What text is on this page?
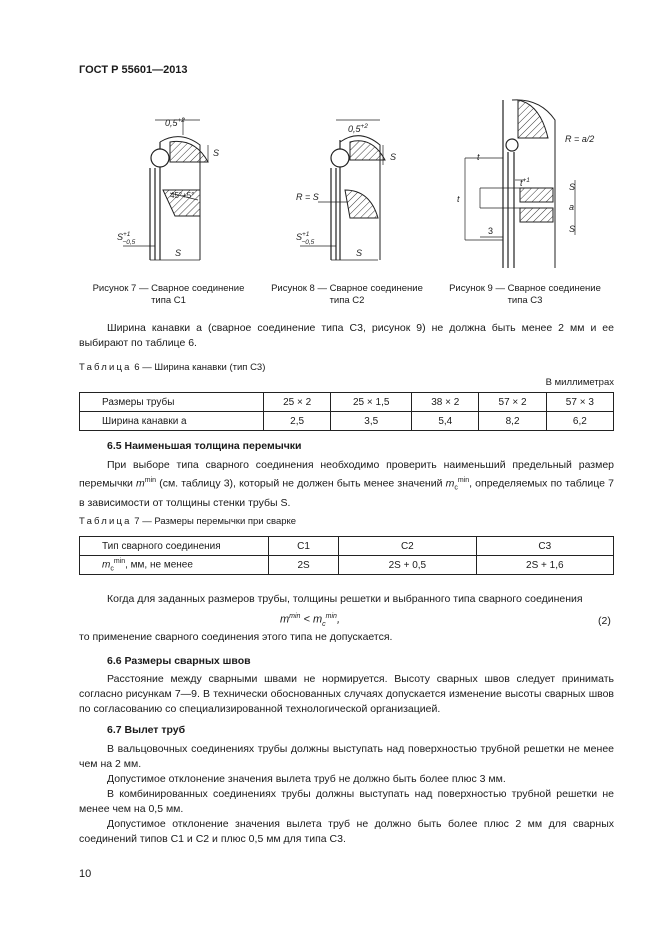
ГОСТ Р 55601—2013
$0,5^{+2}$
S
45°+5°
$S^{+1} -0,5$
S
$0,5^{+2}$
S
R = S
$S^{+1} -0,5$
S
R = a/2
t
t
$t^{+1}$
S
a
S
3
Рисунок 7 — Сварное соединение типа С1
Рисунок 8 — Сварное соединение типа С2
Рисунок 9 — Сварное соединение типа С3
Ширина канавки a (сварное соединение типа С3, рисунок 9) не должна быть менее 2 мм и ее выбирают по таблице 6.
Таблица 6 — Ширина канавки (тип С3)
В миллиметрах
Размеры трубы	25 × 2	25 × 1,5	38 × 2	57 × 2	57 × 3
Ширина канавки a	2,5	3,5	5,4	8,2	6,2
6.5 Наименьшая толщина перемычки
При выборе типа сварного соединения необходимо проверить наименьший предельный размер перемычки $m^{min}$ (см. таблицу 3), который не должен быть менее значений $m_c^{min}$, определяемых по таблице 7 в зависимости от толщины стенки трубы S.
Таблица 7 — Размеры перемычки при сварке
Тип сварного соединения	С1	С2	С3
$m_c^{min}$, мм, не менее	2S	2S + 0,5	2S + 1,6
Когда для заданных размеров трубы, толщины решетки и выбранного типа сварного соединения
$m^{min} < m_c^{min}$,	(2)
то применение сварного соединения этого типа не допускается.
6.6 Размеры сварных швов
Расстояние между сварными швами не нормируется. Высоту сварных швов следует принимать согласно рисункам 7—9. В технически обоснованных случаях допускается изменение высоты сварных швов по согласованию со специализированной технологической организацией.
6.7 Вылет труб
В вальцовочных соединениях трубы должны выступать над поверхностью трубной решетки не менее чем на 2 мм.
Допустимое отклонение значения вылета труб не должно быть более плюс 3 мм.
В комбинированных соединениях трубы должны выступать над поверхностью трубной решетки не менее чем на 0,5 мм.
Допустимое отклонение значения вылета труб не должно быть более плюс 2 мм для сварных соединений типов С1 и С2 и плюс 0,5 мм для типа С3.
10
